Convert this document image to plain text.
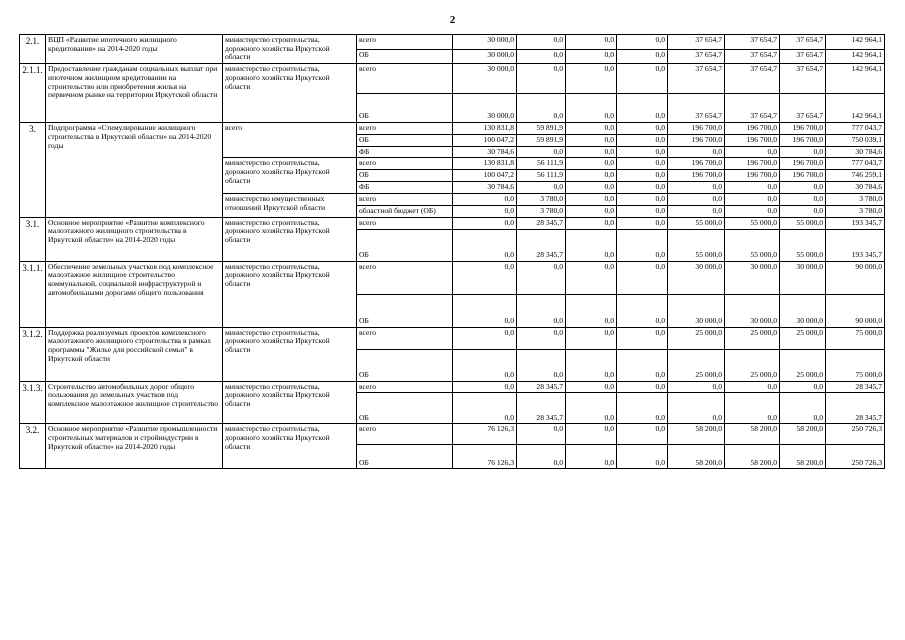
2
2.1.	ВЦП «Развитие ипотечного жилищного кредитования» на 2014-2020 годы	министерство строительства, дорожного хозяйства Иркутской области	всего	30 000,0	0,0	0,0	0,0	37 654,7	37 654,7	37 654,7	142 964,1
			ОБ	30 000,0	0,0	0,0	0,0	37 654,7	37 654,7	37 654,7	142 964,1
2.1.1.	Предоставление гражданам социальных выплат при ипотечном жилищном кредитовании на строительство или приобретения жилья на первичном рынке на территории Иркутской области	министерство строительства, дорожного хозяйства Иркутской области	всего	30 000,0	0,0	0,0	0,0	37 654,7	37 654,7	37 654,7	142 964,1
			ОБ	30 000,0	0,0	0,0	0,0	37 654,7	37 654,7	37 654,7	142 964,1
3.	Подпрограмма «Стимулирование жилищного строительства в Иркутской области» на 2014-2020 годы	всего	всего	130 831,8	59 891,9	0,0	0,0	196 700,0	196 700,0	196 700,0	777 043,7
			ОБ	100 047,2	59 891,9	0,0	0,0	196 700,0	196 700,0	196 700,0	750 039,1
			ФБ	30 784,6	0,0	0,0	0,0	0,0	0,0	0,0	30 784,6
		министерство строительства, дорожного хозяйства Иркутской области	всего	130 831,8	56 111,9	0,0	0,0	196 700,0	196 700,0	196 700,0	777 043,7
			ОБ	100 047,2	56 111,9	0,0	0,0	196 700,0	196 700,0	196 700,0	746 259,1
			ФБ	30 784,6	0,0	0,0	0,0	0,0	0,0	0,0	30 784,6
		министерство имущественных отношений Иркутской области	всего	0,0	3 780,0	0,0	0,0	0,0	0,0	0,0	3 780,0
			областной бюджет (ОБ)	0,0	3 780,0	0,0	0,0	0,0	0,0	0,0	3 780,0
3.1.	Основное мероприятие «Развитие комплексного малоэтажного жилищного строительства в Иркутской области» на 2014-2020 годы	министерство строительства, дорожного хозяйства Иркутской области	всего	0,0	28 345,7	0,0	0,0	55 000,0	55 000,0	55 000,0	193 345,7
			ОБ	0,0	28 345,7	0,0	0,0	55 000,0	55 000,0	55 000,0	193 345,7
3.1.1.	Обеспечение земельных участков под комплексное малоэтажное жилищное строительство коммунальной, социальной инфраструктурой и автомобильными дорогами общего пользования	министерство строительства, дорожного хозяйства Иркутской области	всего	0,0	0,0	0,0	0,0	30 000,0	30 000,0	30 000,0	90 000,0
			ОБ	0,0	0,0	0,0	0,0	30 000,0	30 000,0	30 000,0	90 000,0
3.1.2.	Поддержка реализуемых проектов комплексного малоэтажного жилищного строительства в рамках программы "Жилье для российской семьи" в Иркутской области	министерство строительства, дорожного хозяйства Иркутской области	всего	0,0	0,0	0,0	0,0	25 000,0	25 000,0	25 000,0	75 000,0
			ОБ	0,0	0,0	0,0	0,0	25 000,0	25 000,0	25 000,0	75 000,0
3.1.3.	Строительство автомобильных дорог общего пользования до земельных участков под комплексное малоэтажное жилищное строительство	министерство строительства, дорожного хозяйства Иркутской области	всего	0,0	28 345,7	0,0	0,0	0,0	0,0	0,0	28 345,7
			ОБ	0,0	28 345,7	0,0	0,0	0,0	0,0	0,0	28 345,7
3.2.	Основное мероприятие «Развитие промышленности строительных материалов и стройиндустрии в Иркутской области» на 2014-2020 годы	министерство строительства, дорожного хозяйства Иркутской области	всего	76 126,3	0,0	0,0	0,0	58 200,0	58 200,0	58 200,0	250 726,3
			ОБ	76 126,3	0,0	0,0	0,0	58 200,0	58 200,0	58 200,0	250 726,3
